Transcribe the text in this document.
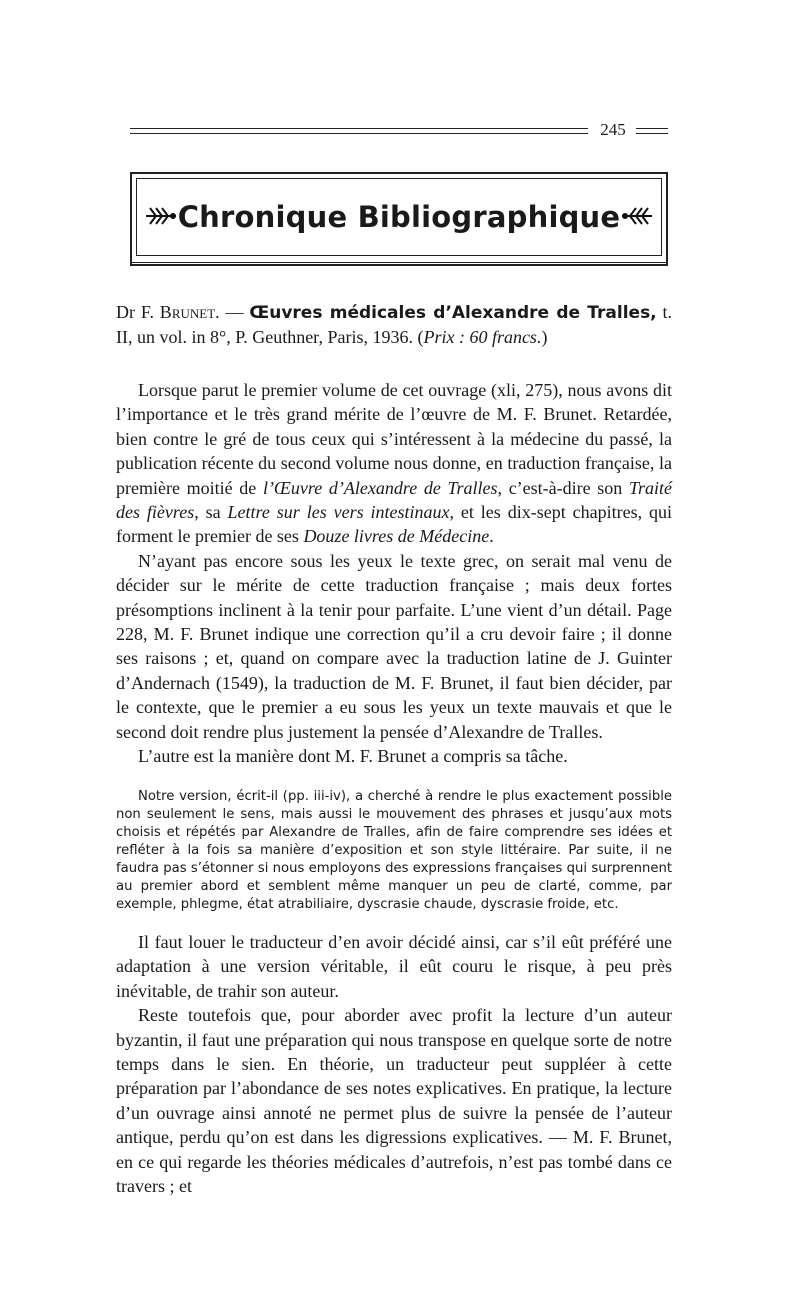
245
Chronique Bibliographique

Dr F. Brunet. — Œuvres médicales d’Alexandre de Tralles, t. II, un vol. in 8°, P. Geuthner, Paris, 1936. (Prix : 60 francs.)

Lorsque parut le premier volume de cet ouvrage (xli, 275), nous avons dit l’importance et le très grand mérite de l’œuvre de M. F. Brunet. Retardée, bien contre le gré de tous ceux qui s’intéressent à la médecine du passé, la publication récente du second volume nous donne, en traduction française, la première moitié de l’Œuvre d’Alexandre de Tralles, c’est-à-dire son Traité des fièvres, sa Lettre sur les vers intestinaux, et les dix-sept chapitres, qui forment le premier de ses Douze livres de Médecine.

N’ayant pas encore sous les yeux le texte grec, on serait mal venu de décider sur le mérite de cette traduction française ; mais deux fortes présomptions inclinent à la tenir pour parfaite. L’une vient d’un détail. Page 228, M. F. Brunet indique une correction qu’il a cru devoir faire ; il donne ses raisons ; et, quand on compare avec la traduction latine de J. Guinter d’Andernach (1549), la traduction de M. F. Brunet, il faut bien décider, par le contexte, que le premier a eu sous les yeux un texte mauvais et que le second doit rendre plus justement la pensée d’Alexandre de Tralles.

L’autre est la manière dont M. F. Brunet a compris sa tâche.

Notre version, écrit-il (pp. iii-iv), a cherché à rendre le plus exactement possible non seulement le sens, mais aussi le mouvement des phrases et jusqu’aux mots choisis et répétés par Alexandre de Tralles, afin de faire comprendre ses idées et refléter à la fois sa manière d’exposition et son style littéraire. Par suite, il ne faudra pas s’étonner si nous employons des expressions françaises qui surprennent au premier abord et semblent même manquer un peu de clarté, comme, par exemple, phlegme, état atrabiliaire, dyscrasie chaude, dyscrasie froide, etc.

Il faut louer le traducteur d’en avoir décidé ainsi, car s’il eût préféré une adaptation à une version véritable, il eût couru le risque, à peu près inévitable, de trahir son auteur.

Reste toutefois que, pour aborder avec profit la lecture d’un auteur byzantin, il faut une préparation qui nous transpose en quelque sorte de notre temps dans le sien. En théorie, un traducteur peut suppléer à cette préparation par l’abondance de ses notes explicatives. En pratique, la lecture d’un ouvrage ainsi annoté ne permet plus de suivre la pensée de l’auteur antique, perdu qu’on est dans les digressions explicatives. — M. F. Brunet, en ce qui regarde les théories médicales d’autrefois, n’est pas tombé dans ce travers ; et
